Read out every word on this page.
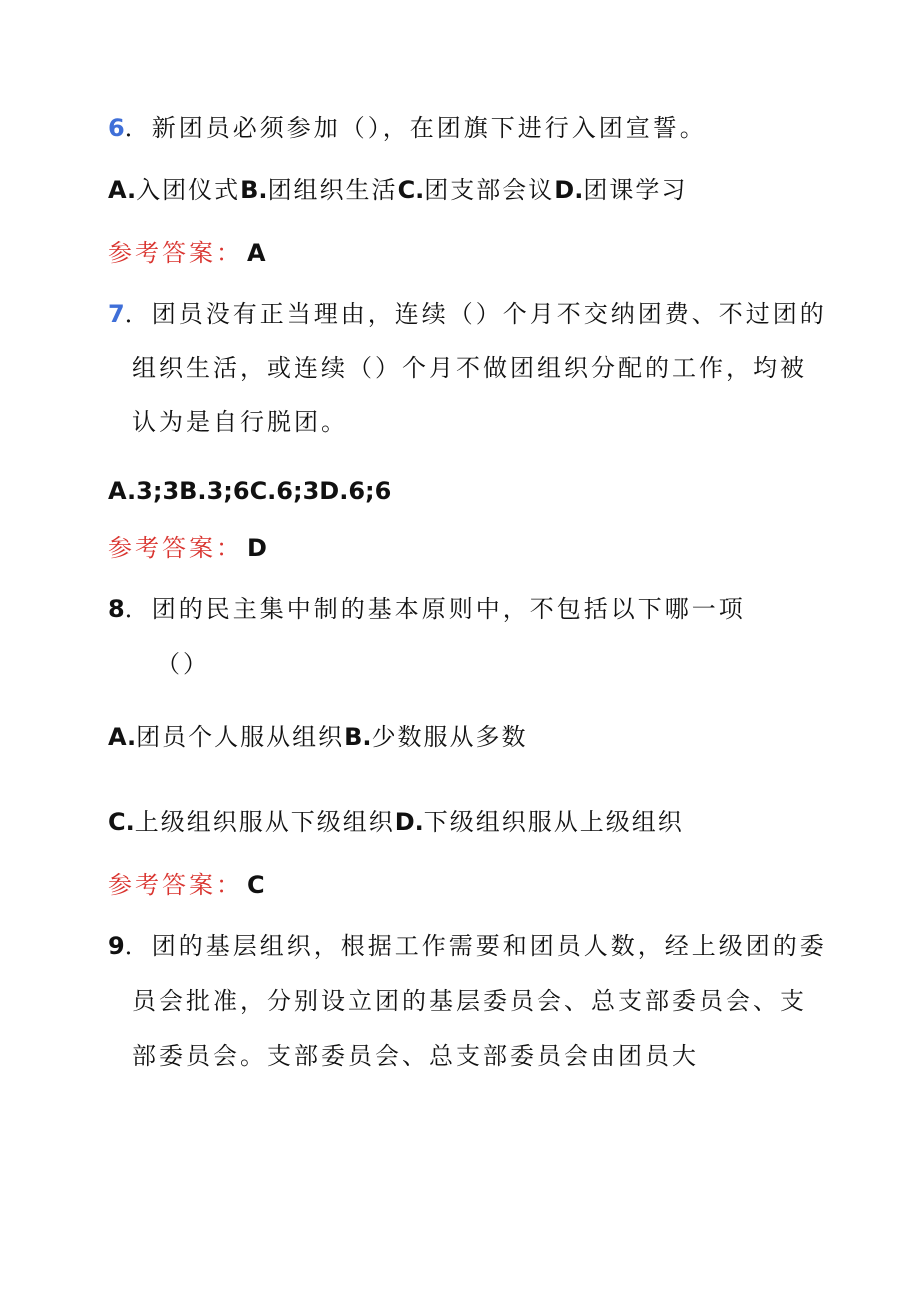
6．新团员必须参加（），在团旗下进行入团宣誓。
A.入团仪式B.团组织生活C.团支部会议D.团课学习
参考答案： A
7．团员没有正当理由，连续（）个月不交纳团费、不过团的
组织生活，或连续（）个月不做团组织分配的工作，均被
认为是自行脱团。
A.3;3B.3;6C.6;3D.6;6
参考答案： D
8．团的民主集中制的基本原则中，不包括以下哪一项
（）
A.团员个人服从组织B.少数服从多数
C.上级组织服从下级组织D.下级组织服从上级组织
参考答案： C
9．团的基层组织，根据工作需要和团员人数，经上级团的委
员会批准，分别设立团的基层委员会、总支部委员会、支
部委员会。支部委员会、总支部委员会由团员大
